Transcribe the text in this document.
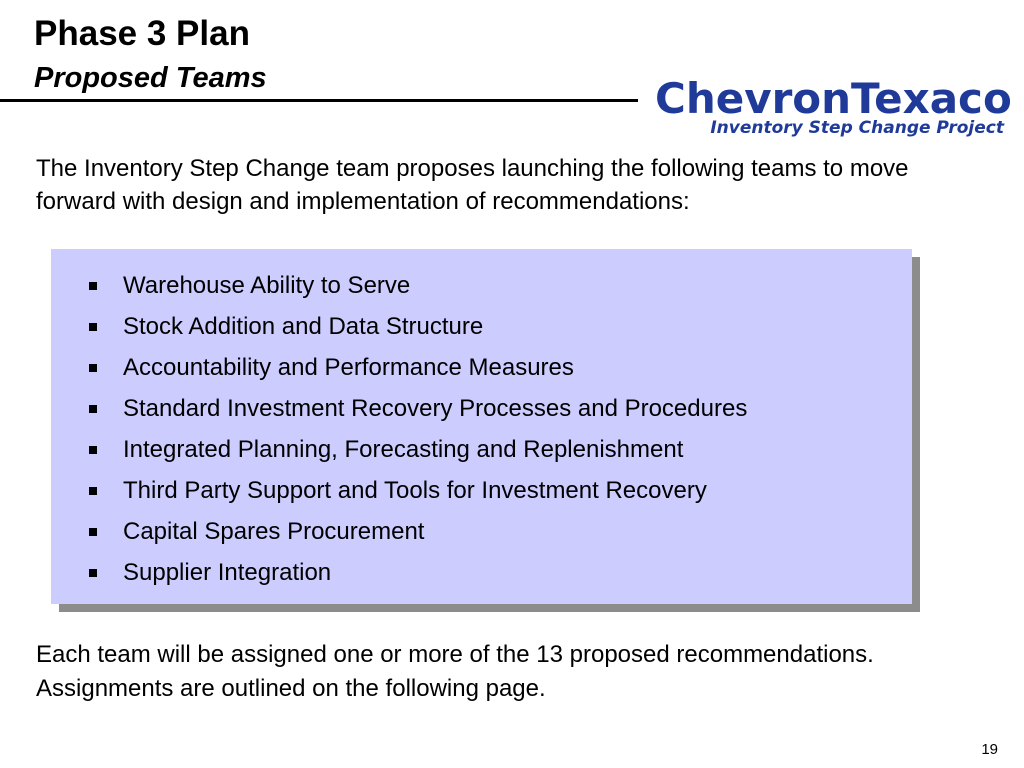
Phase 3 Plan
Proposed Teams	ChevronTexaco
Inventory Step Change Project

The Inventory Step Change team proposes launching the following teams to move forward with design and implementation of recommendations:

Warehouse Ability to Serve
Stock Addition and Data Structure
Accountability and Performance Measures
Standard Investment Recovery Processes and Procedures
Integrated Planning, Forecasting and Replenishment
Third Party Support and Tools for Investment Recovery
Capital Spares Procurement
Supplier Integration

Each team will be assigned one or more of the 13 proposed recommendations. Assignments are outlined on the following page.

19
